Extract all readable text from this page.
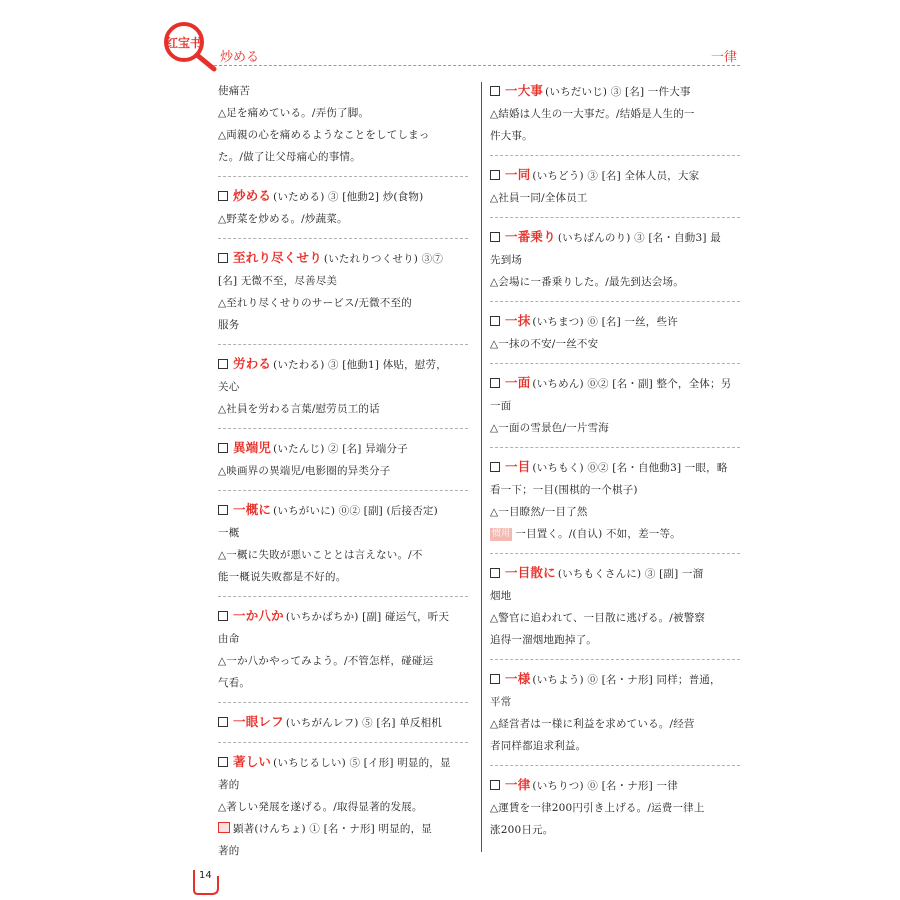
红宝书
炒める	一律
使痛苦
△足を痛めている。/弄伤了脚。
△両親の心を痛めるようなことをしてしまっ
た。/做了让父母痛心的事情。
炒める (いためる) ③ [他動2] 炒(食物)
△野菜を炒める。/炒蔬菜。
至れり尽くせり (いたれりつくせり) ③⑦
[名] 无微不至，尽善尽美
△至れり尽くせりのサービス/无微不至的
服务
労わる (いたわる) ③ [他動1] 体贴，慰劳，
关心
△社員を労わる言葉/慰劳员工的话
異端児 (いたんじ) ② [名] 异端分子
△映画界の異端児/电影圈的异类分子
一概に (いちがいに) ⓪② [副] (后接否定)
一概
△一概に失敗が悪いこととは言えない。/不
能一概说失败都是不好的。
一か八か (いちかばちか) [副] 碰运气，听天
由命
△一か八かやってみよう。/不管怎样，碰碰运
气看。
一眼レフ (いちがんレフ) ⑤ [名] 单反相机
著しい (いちじるしい) ⑤ [イ形] 明显的，显
著的
△著しい発展を遂げる。/取得显著的发展。
顕著(けんちょ) ① [名・ナ形] 明显的，显
著的
一大事 (いちだいじ) ③ [名] 一件大事
△結婚は人生の一大事だ。/结婚是人生的一
件大事。
一同 (いちどう) ③ [名] 全体人员，大家
△社員一同/全体员工
一番乗り (いちばんのり) ③ [名・自動3] 最
先到场
△会場に一番乗りした。/最先到达会场。
一抹 (いちまつ) ⓪ [名] 一丝，些许
△一抹の不安/一丝不安
一面 (いちめん) ⓪② [名・副] 整个，全体；另
一面
△一面の雪景色/一片雪海
一目 (いちもく) ⓪② [名・自他動3] 一眼，略
看一下；一目(围棋的一个棋子)
△一目瞭然/一目了然
惯用 一目置く。/(自认) 不如，差一等。
一目散に (いちもくさんに) ③ [副] 一溜
烟地
△警官に追われて、一目散に逃げる。/被警察
追得一溜烟地跑掉了。
一様 (いちよう) ⓪ [名・ナ形] 同样；普通，
平常
△経営者は一様に利益を求めている。/经营
者同样都追求利益。
一律 (いちりつ) ⓪ [名・ナ形] 一律
△運賃を一律200円引き上げる。/运费一律上
涨200日元。
14
